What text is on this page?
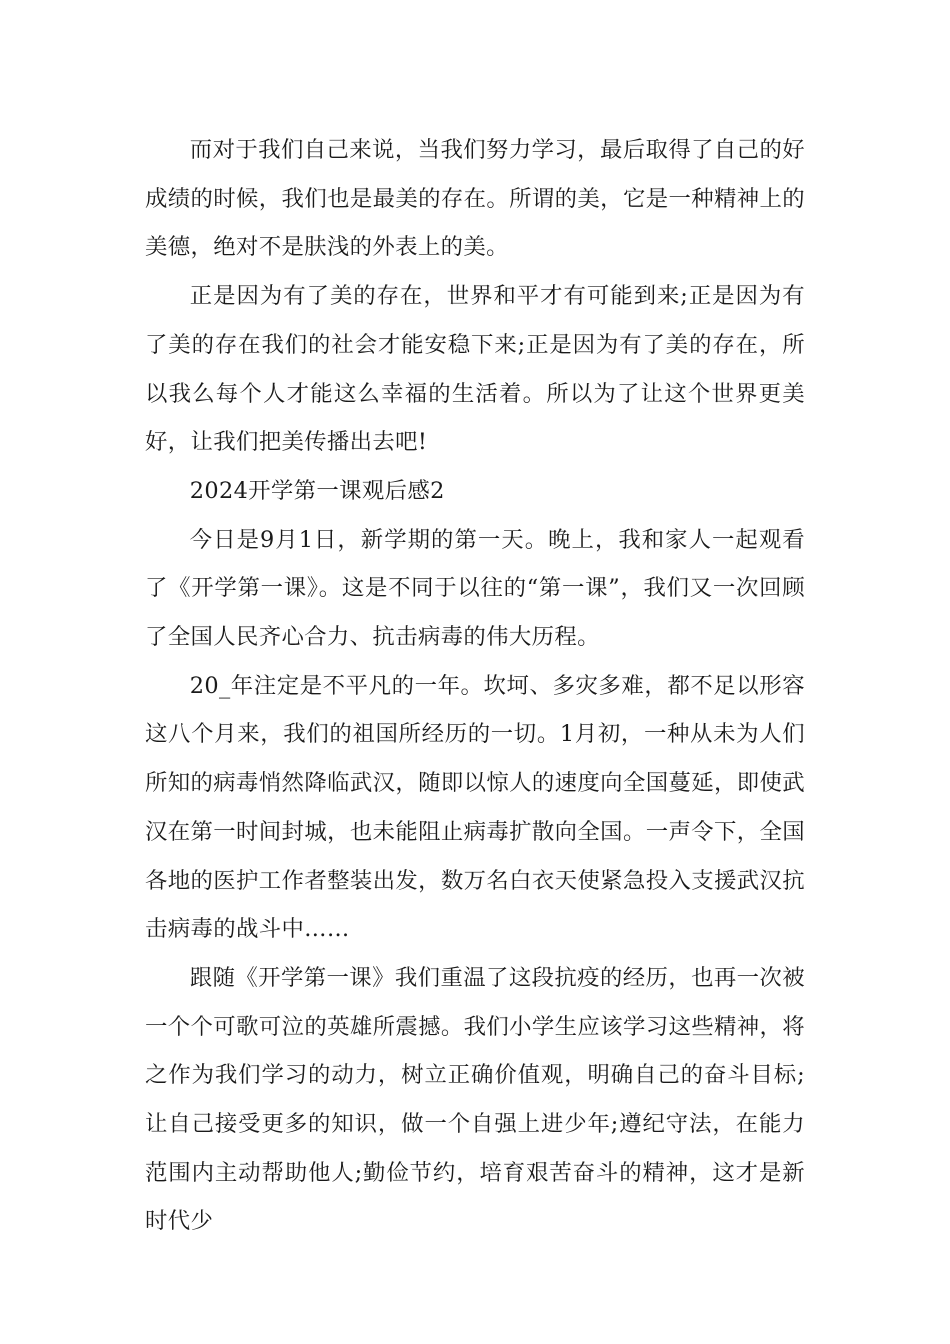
而对于我们自己来说，当我们努力学习，最后取得了自己的好成绩的时候，我们也是最美的存在。所谓的美，它是一种精神上的美德，绝对不是肤浅的外表上的美。

正是因为有了美的存在，世界和平才有可能到来;正是因为有了美的存在我们的社会才能安稳下来;正是因为有了美的存在，所以我么每个人才能这么幸福的生活着。所以为了让这个世界更美好，让我们把美传播出去吧!

2024开学第一课观后感2

今日是9月1日，新学期的第一天。晚上，我和家人一起观看了《开学第一课》。这是不同于以往的“第一课”，我们又一次回顾了全国人民齐心合力、抗击病毒的伟大历程。

20_年注定是不平凡的一年。坎坷、多灾多难，都不足以形容这八个月来，我们的祖国所经历的一切。1月初，一种从未为人们所知的病毒悄然降临武汉，随即以惊人的速度向全国蔓延，即使武汉在第一时间封城，也未能阻止病毒扩散向全国。一声令下，全国各地的医护工作者整装出发，数万名白衣天使紧急投入支援武汉抗击病毒的战斗中……

跟随《开学第一课》我们重温了这段抗疫的经历，也再一次被一个个可歌可泣的英雄所震撼。我们小学生应该学习这些精神，将之作为我们学习的动力，树立正确价值观，明确自己的奋斗目标;让自己接受更多的知识，做一个自强上进少年;遵纪守法，在能力范围内主动帮助他人;勤俭节约，培育艰苦奋斗的精神，这才是新时代少
